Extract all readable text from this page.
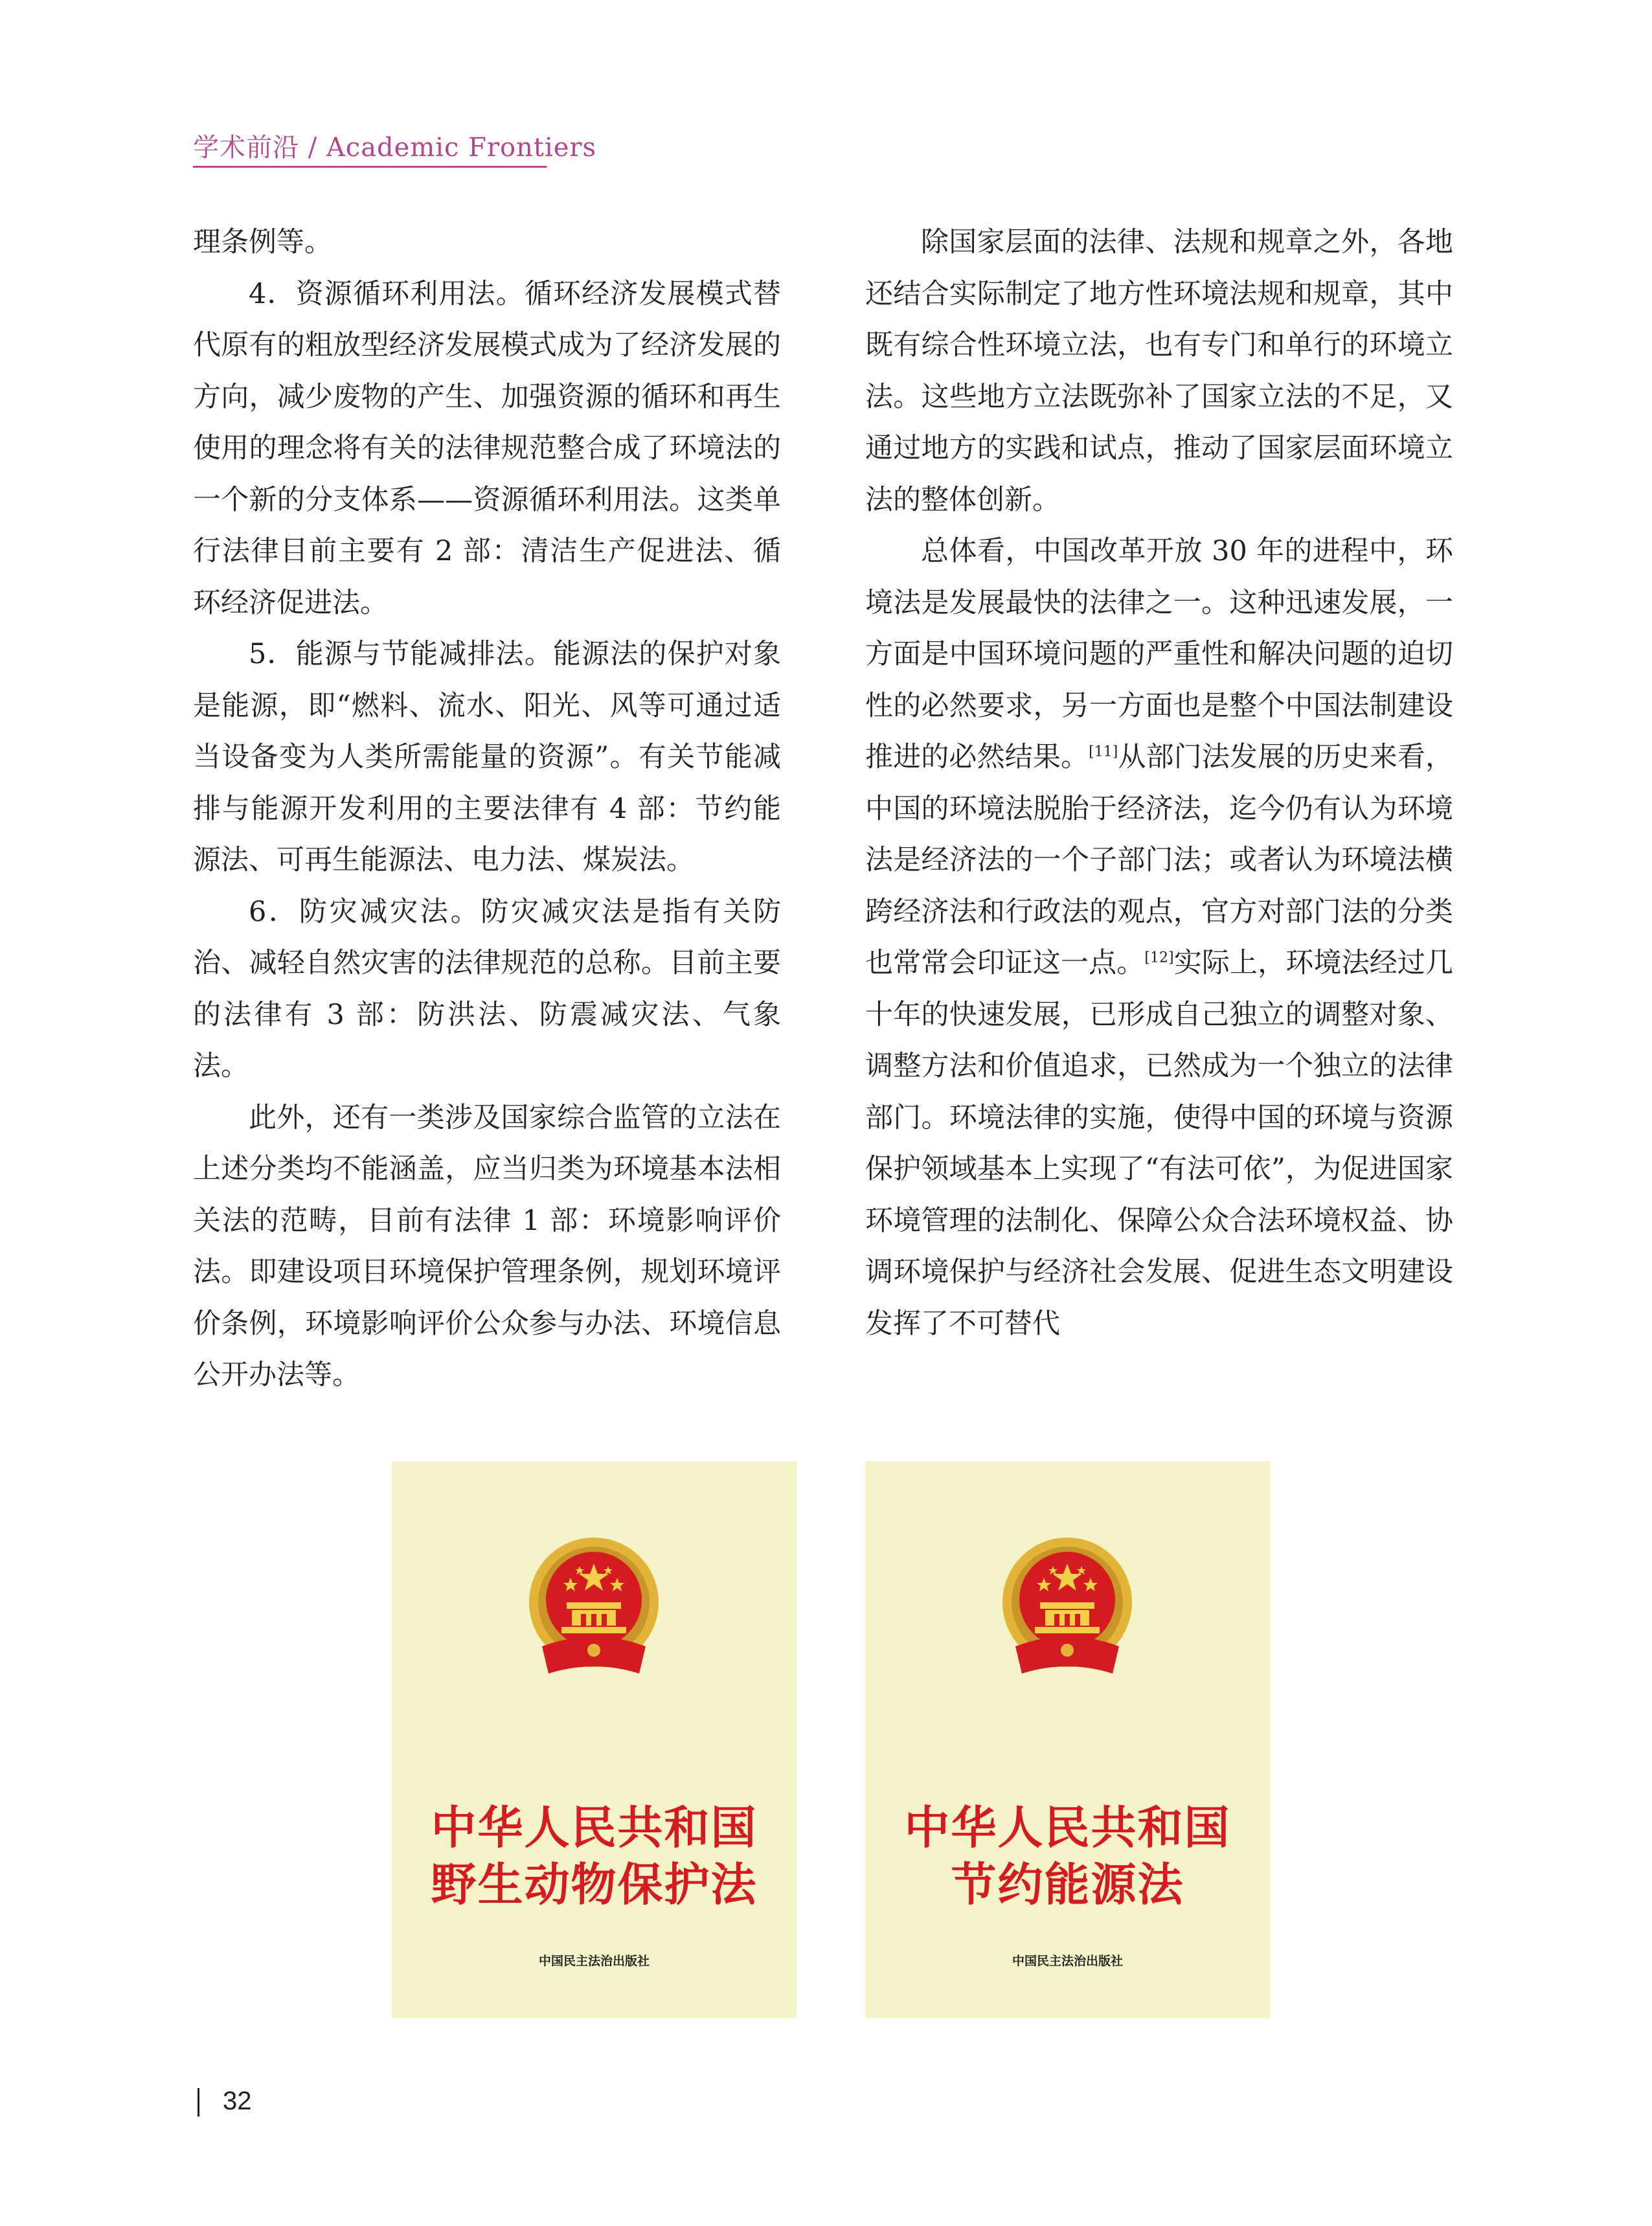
学术前沿 / Academic Frontiers

理条例等。

4．资源循环利用法。循环经济发展模式替代原有的粗放型经济发展模式成为了经济发展的方向，减少废物的产生、加强资源的循环和再生使用的理念将有关的法律规范整合成了环境法的一个新的分支体系——资源循环利用法。这类单行法律目前主要有 2 部：清洁生产促进法、循环经济促进法。

5．能源与节能减排法。能源法的保护对象是能源，即“燃料、流水、阳光、风等可通过适当设备变为人类所需能量的资源”。有关节能减排与能源开发利用的主要法律有 4 部：节约能源法、可再生能源法、电力法、煤炭法。

6．防灾减灾法。防灾减灾法是指有关防治、减轻自然灾害的法律规范的总称。目前主要的法律有 3 部：防洪法、防震减灾法、气象法。

此外，还有一类涉及国家综合监管的立法在上述分类均不能涵盖，应当归类为环境基本法相关法的范畴，目前有法律 1 部：环境影响评价法。即建设项目环境保护管理条例，规划环境评价条例，环境影响评价公众参与办法、环境信息公开办法等。

除国家层面的法律、法规和规章之外，各地还结合实际制定了地方性环境法规和规章，其中既有综合性环境立法，也有专门和单行的环境立法。这些地方立法既弥补了国家立法的不足，又通过地方的实践和试点，推动了国家层面环境立法的整体创新。

总体看，中国改革开放 30 年的进程中，环境法是发展最快的法律之一。这种迅速发展，一方面是中国环境问题的严重性和解决问题的迫切性的必然要求，另一方面也是整个中国法制建设推进的必然结果。[11]从部门法发展的历史来看，中国的环境法脱胎于经济法，迄今仍有认为环境法是经济法的一个子部门法；或者认为环境法横跨经济法和行政法的观点，官方对部门法的分类也常常会印证这一点。[12]实际上，环境法经过几十年的快速发展，已形成自己独立的调整对象、调整方法和价值追求，已然成为一个独立的法律部门。环境法律的实施，使得中国的环境与资源保护领域基本上实现了“有法可依”，为促进国家环境管理的法制化、保障公众合法环境权益、协调环境保护与经济社会发展、促进生态文明建设发挥了不可替代

中华人民共和国
野生动物保护法
中国民主法治出版社
中华人民共和国
节约能源法
中国民主法治出版社
32
